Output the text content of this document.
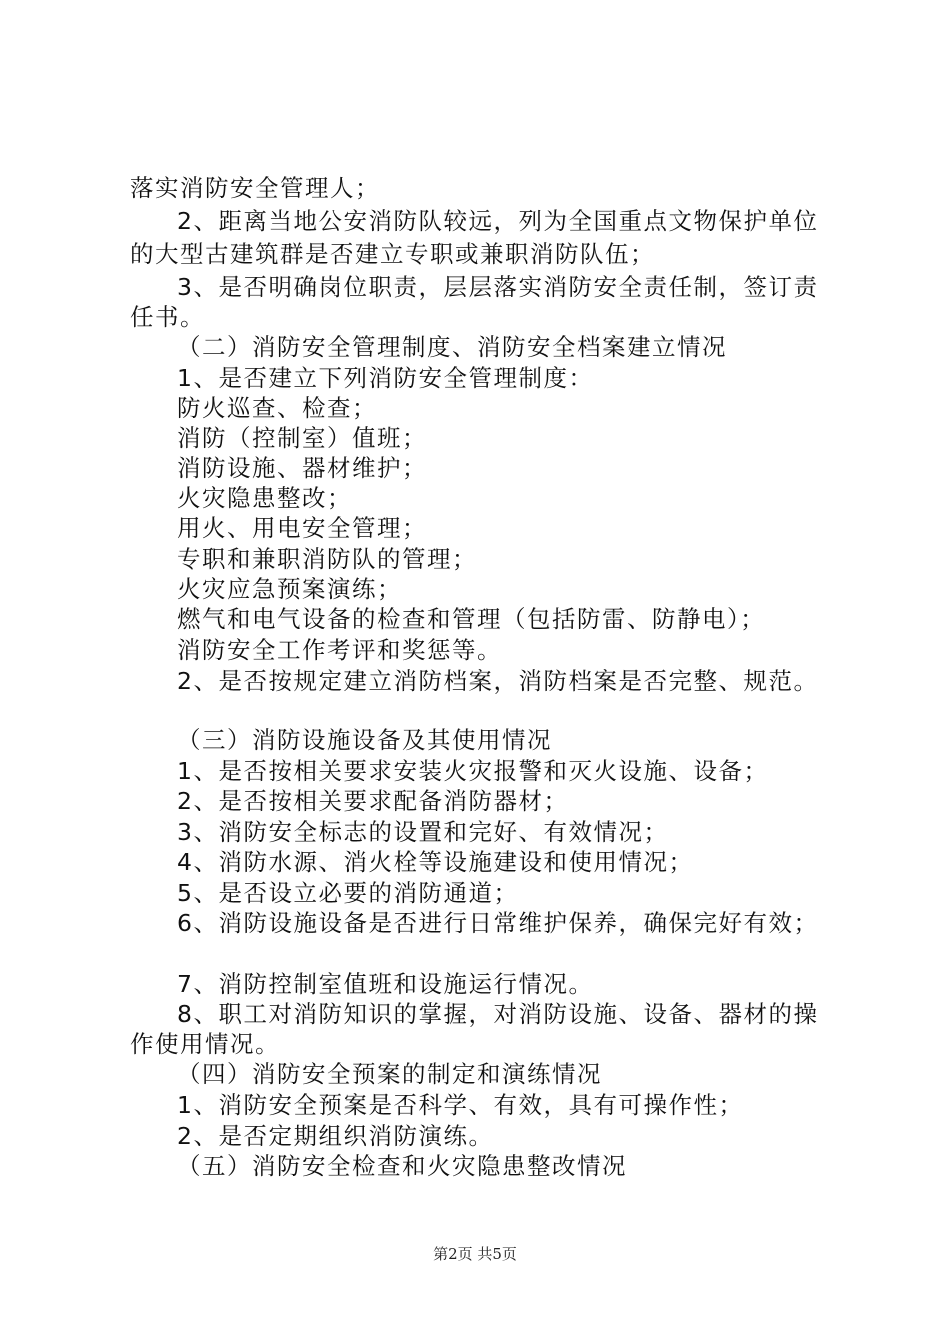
落实消防安全管理人；
2、距离当地公安消防队较远，列为全国重点文物保护单位
的大型古建筑群是否建立专职或兼职消防队伍；
3、是否明确岗位职责，层层落实消防安全责任制，签订责
任书。
（二）消防安全管理制度、消防安全档案建立情况
1、是否建立下列消防安全管理制度：
防火巡查、检查；
消防（控制室）值班；
消防设施、器材维护；
火灾隐患整改；
用火、用电安全管理；
专职和兼职消防队的管理；
火灾应急预案演练；
燃气和电气设备的检查和管理（包括防雷、防静电）；
消防安全工作考评和奖惩等。
2、是否按规定建立消防档案，消防档案是否完整、规范。
（三）消防设施设备及其使用情况
1、是否按相关要求安装火灾报警和灭火设施、设备；
2、是否按相关要求配备消防器材；
3、消防安全标志的设置和完好、有效情况；
4、消防水源、消火栓等设施建设和使用情况；
5、是否设立必要的消防通道；
6、消防设施设备是否进行日常维护保养，确保完好有效；
7、消防控制室值班和设施运行情况。
8、职工对消防知识的掌握，对消防设施、设备、器材的操
作使用情况。
（四）消防安全预案的制定和演练情况
1、消防安全预案是否科学、有效，具有可操作性；
2、是否定期组织消防演练。
（五）消防安全检查和火灾隐患整改情况
第2页 共5页
